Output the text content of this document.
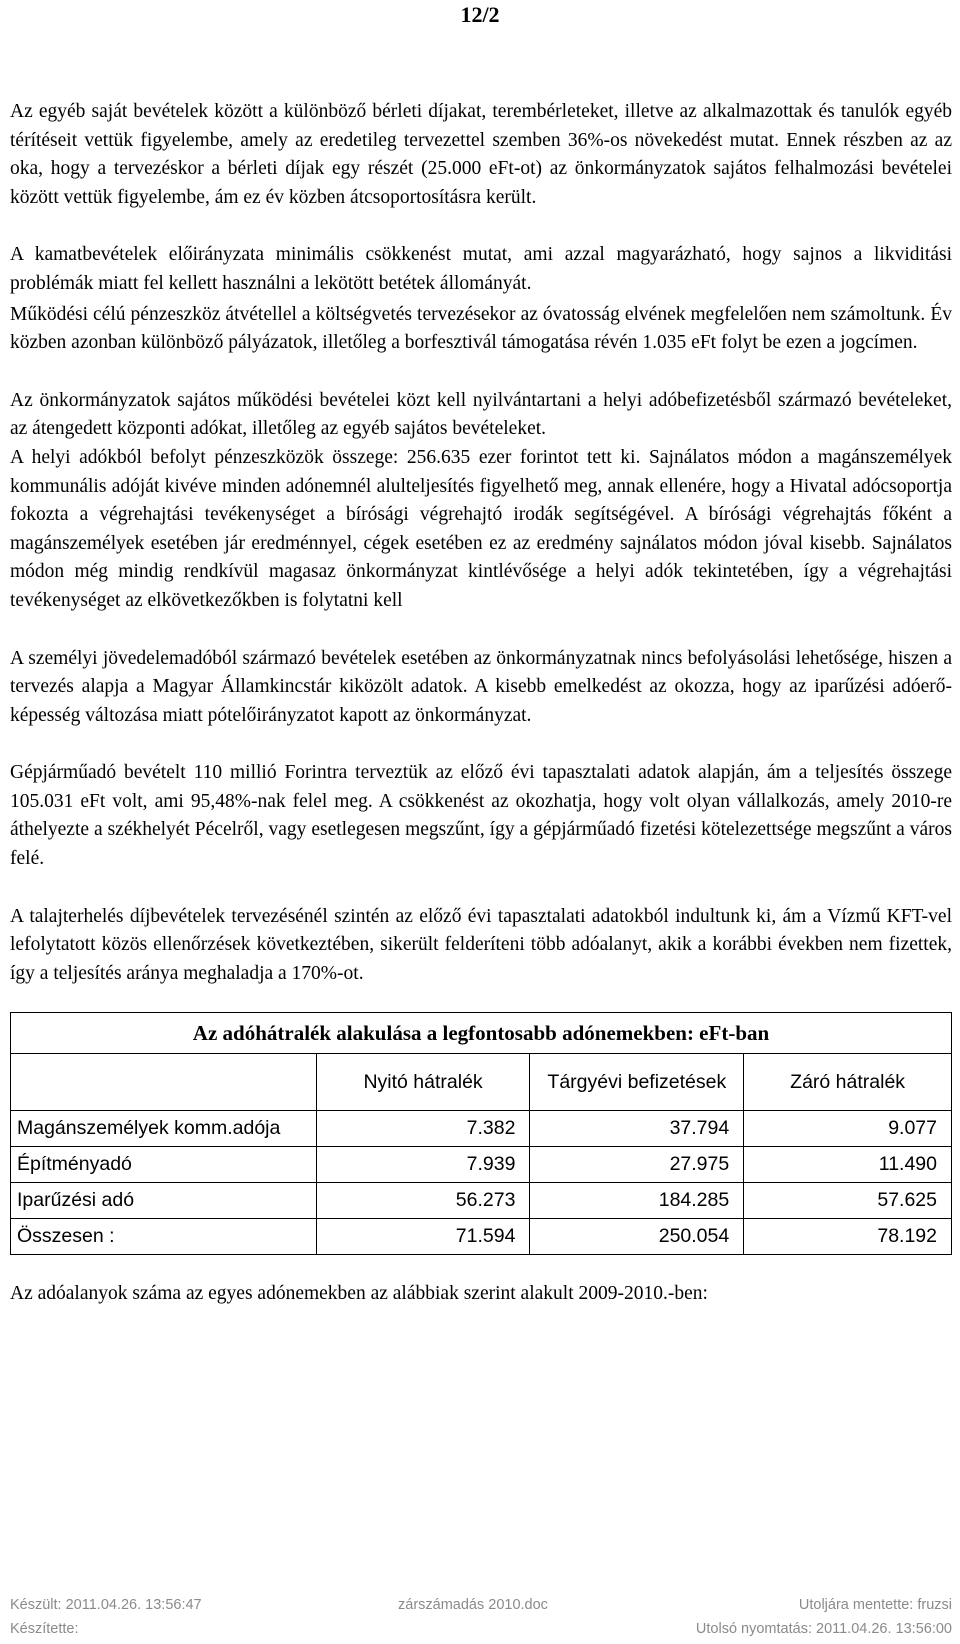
12/2

Az egyéb saját bevételek között a különböző bérleti díjakat, terembérleteket, illetve az alkalmazottak és tanulók egyéb térítéseit vettük figyelembe, amely az eredetileg tervezettel szemben 36%-os növekedést mutat. Ennek részben az az oka, hogy a tervezéskor a bérleti díjak egy részét (25.000 eFt-ot) az önkormányzatok sajátos felhalmozási bevételei között vettük figyelembe, ám ez év közben átcsoportosításra került.

A kamatbevételek előirányzata minimális csökkenést mutat, ami azzal magyarázható, hogy sajnos a likviditási problémák miatt fel kellett használni a lekötött betétek állományát.

Működési célú pénzeszköz átvétellel a költségvetés tervezésekor az óvatosság elvének megfelelően nem számoltunk. Év közben azonban különböző pályázatok, illetőleg a borfesztivál támogatása révén 1.035 eFt folyt be ezen a jogcímen.

Az önkormányzatok sajátos működési bevételei közt kell nyilvántartani a helyi adóbefizetésből származó bevételeket, az átengedett központi adókat, illetőleg az egyéb sajátos bevételeket.

A helyi adókból befolyt pénzeszközök összege: 256.635 ezer forintot tett ki. Sajnálatos módon a magánszemélyek kommunális adóját kivéve minden adónemnél alulteljesítés figyelhető meg, annak ellenére, hogy a Hivatal adócsoportja fokozta a végrehajtási tevékenységet a bírósági végrehajtó irodák segítségével. A bírósági végrehajtás főként a magánszemélyek esetében jár eredménnyel, cégek esetében ez az eredmény sajnálatos módon jóval kisebb. Sajnálatos módon még mindig rendkívül magasaz önkormányzat kintlévősége a helyi adók tekintetében, így a végrehajtási tevékenységet az elkövetkezőkben is folytatni kell

A személyi jövedelemadóból származó bevételek esetében az önkormányzatnak nincs befolyásolási lehetősége, hiszen a tervezés alapja a Magyar Államkincstár kiközölt adatok. A kisebb emelkedést az okozza, hogy az iparűzési adóerő-képesség változása miatt pótelőirányzatot kapott az önkormányzat.

Gépjárműadó bevételt 110 millió Forintra terveztük az előző évi tapasztalati adatok alapján, ám a teljesítés összege 105.031 eFt volt, ami 95,48%-nak felel meg. A csökkenést az okozhatja, hogy volt olyan vállalkozás, amely 2010-re áthelyezte a székhelyét Pécelről, vagy esetlegesen megszűnt, így a gépjárműadó fizetési kötelezettsége megszűnt a város felé.

A talajterhelés díjbevételek tervezésénél szintén az előző évi tapasztalati adatokból indultunk ki, ám a Vízmű KFT-vel lefolytatott közös ellenőrzések következtében, sikerült felderíteni több adóalanyt, akik a korábbi években nem fizettek, így a teljesítés aránya meghaladja a 170%-ot.

Az adóhátralék alakulása a legfontosabb adónemekben: eFt-ban			
	Nyitó hátralék	Tárgyévi befizetések	Záró hátralék
Magánszemélyek komm.adója	7.382	37.794	9.077
Építményadó	7.939	27.975	11.490
Iparűzési adó	56.273	184.285	57.625
Összesen :	71.594	250.054	78.192

Az adóalanyok száma az egyes adónemekben az alábbiak szerint alakult 2009-2010.-ben:

Készült: 2011.04.26. 13:56:47	zárszámadás 2010.doc	Utoljára mentette: fruzsi
Készítette:	Utolsó nyomtatás: 2011.04.26. 13:56:00
